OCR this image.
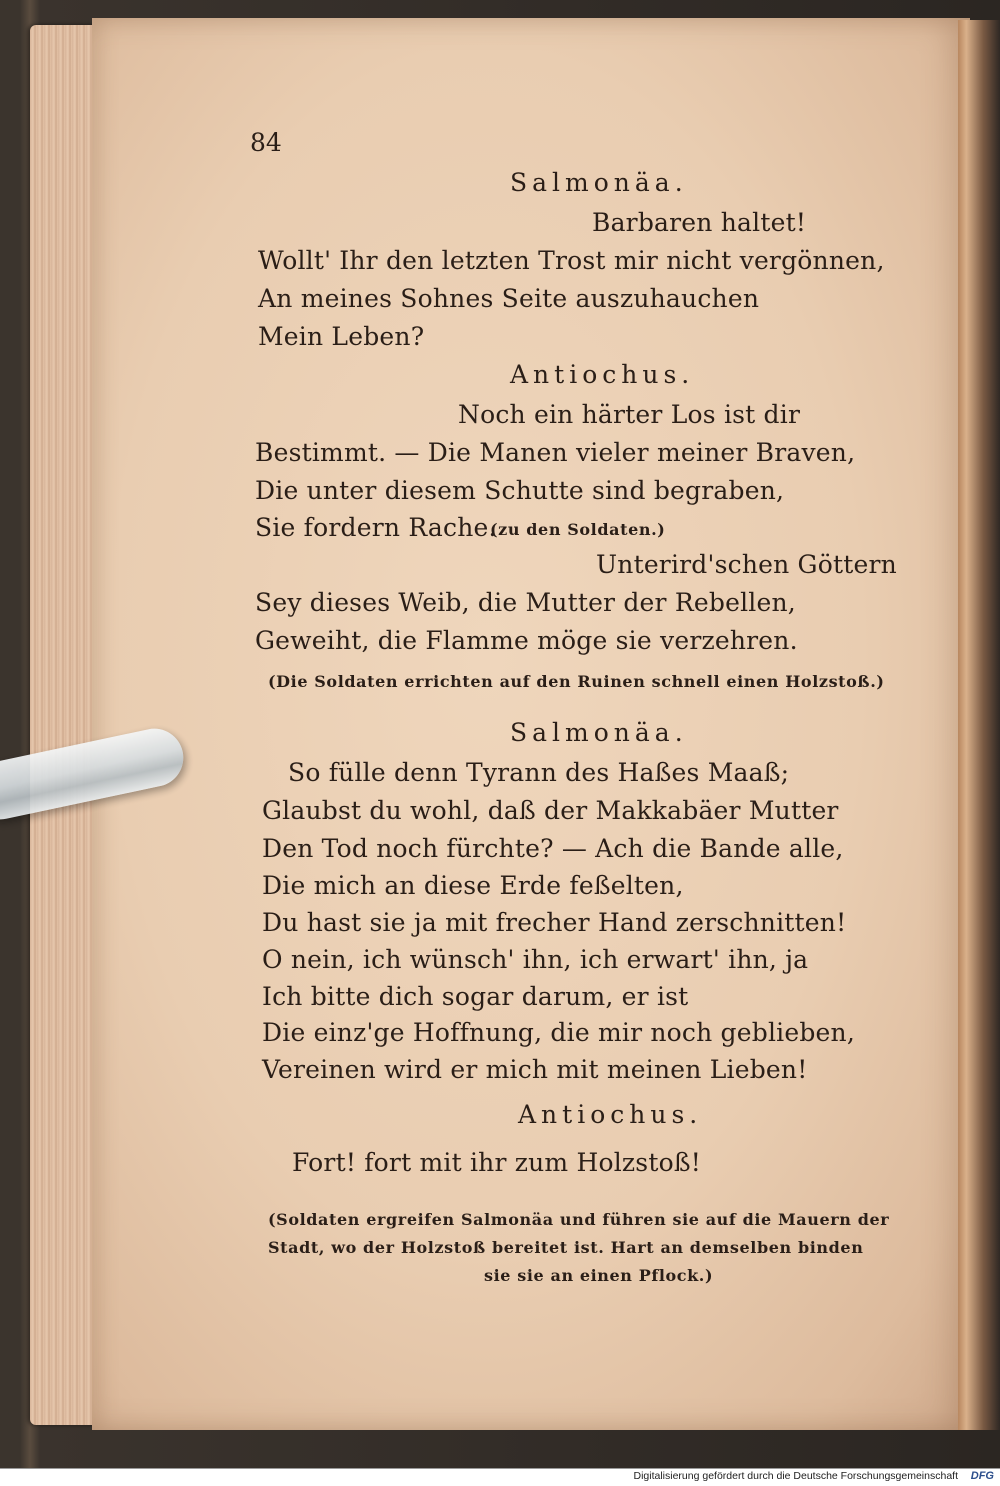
84
Salmonäa.
Barbaren haltet!
Wollt' Ihr den letzten Trost mir nicht vergönnen,
An meines Sohnes Seite auszuhauchen
Mein Leben?
Antiochus.
Noch ein härter Los ist dir
Bestimmt. — Die Manen vieler meiner Braven,
Die unter diesem Schutte sind begraben,
Sie fordern Rache.
(zu den Soldaten.)
Unterird'schen Göttern
Sey dieses Weib, die Mutter der Rebellen,
Geweiht, die Flamme möge sie verzehren.
(Die Soldaten errichten auf den Ruinen schnell einen Holzstoß.)
Salmonäa.
So fülle denn Tyrann des Haßes Maaß;
Glaubst du wohl, daß der Makkabäer Mutter
Den Tod noch fürchte? — Ach die Bande alle,
Die mich an diese Erde feßelten,
Du hast sie ja mit frecher Hand zerschnitten!
O nein, ich wünsch' ihn, ich erwart' ihn, ja
Ich bitte dich sogar darum, er ist
Die einz'ge Hoffnung, die mir noch geblieben,
Vereinen wird er mich mit meinen Lieben!
Antiochus.
Fort! fort mit ihr zum Holzstoß!
(Soldaten ergreifen Salmonäa und führen sie auf die Mauern der
Stadt, wo der Holzstoß bereitet ist. Hart an demselben binden
sie sie an einen Pflock.)
Digitalisierung gefördert durch die Deutsche Forschungsgemeinschaft DFG
